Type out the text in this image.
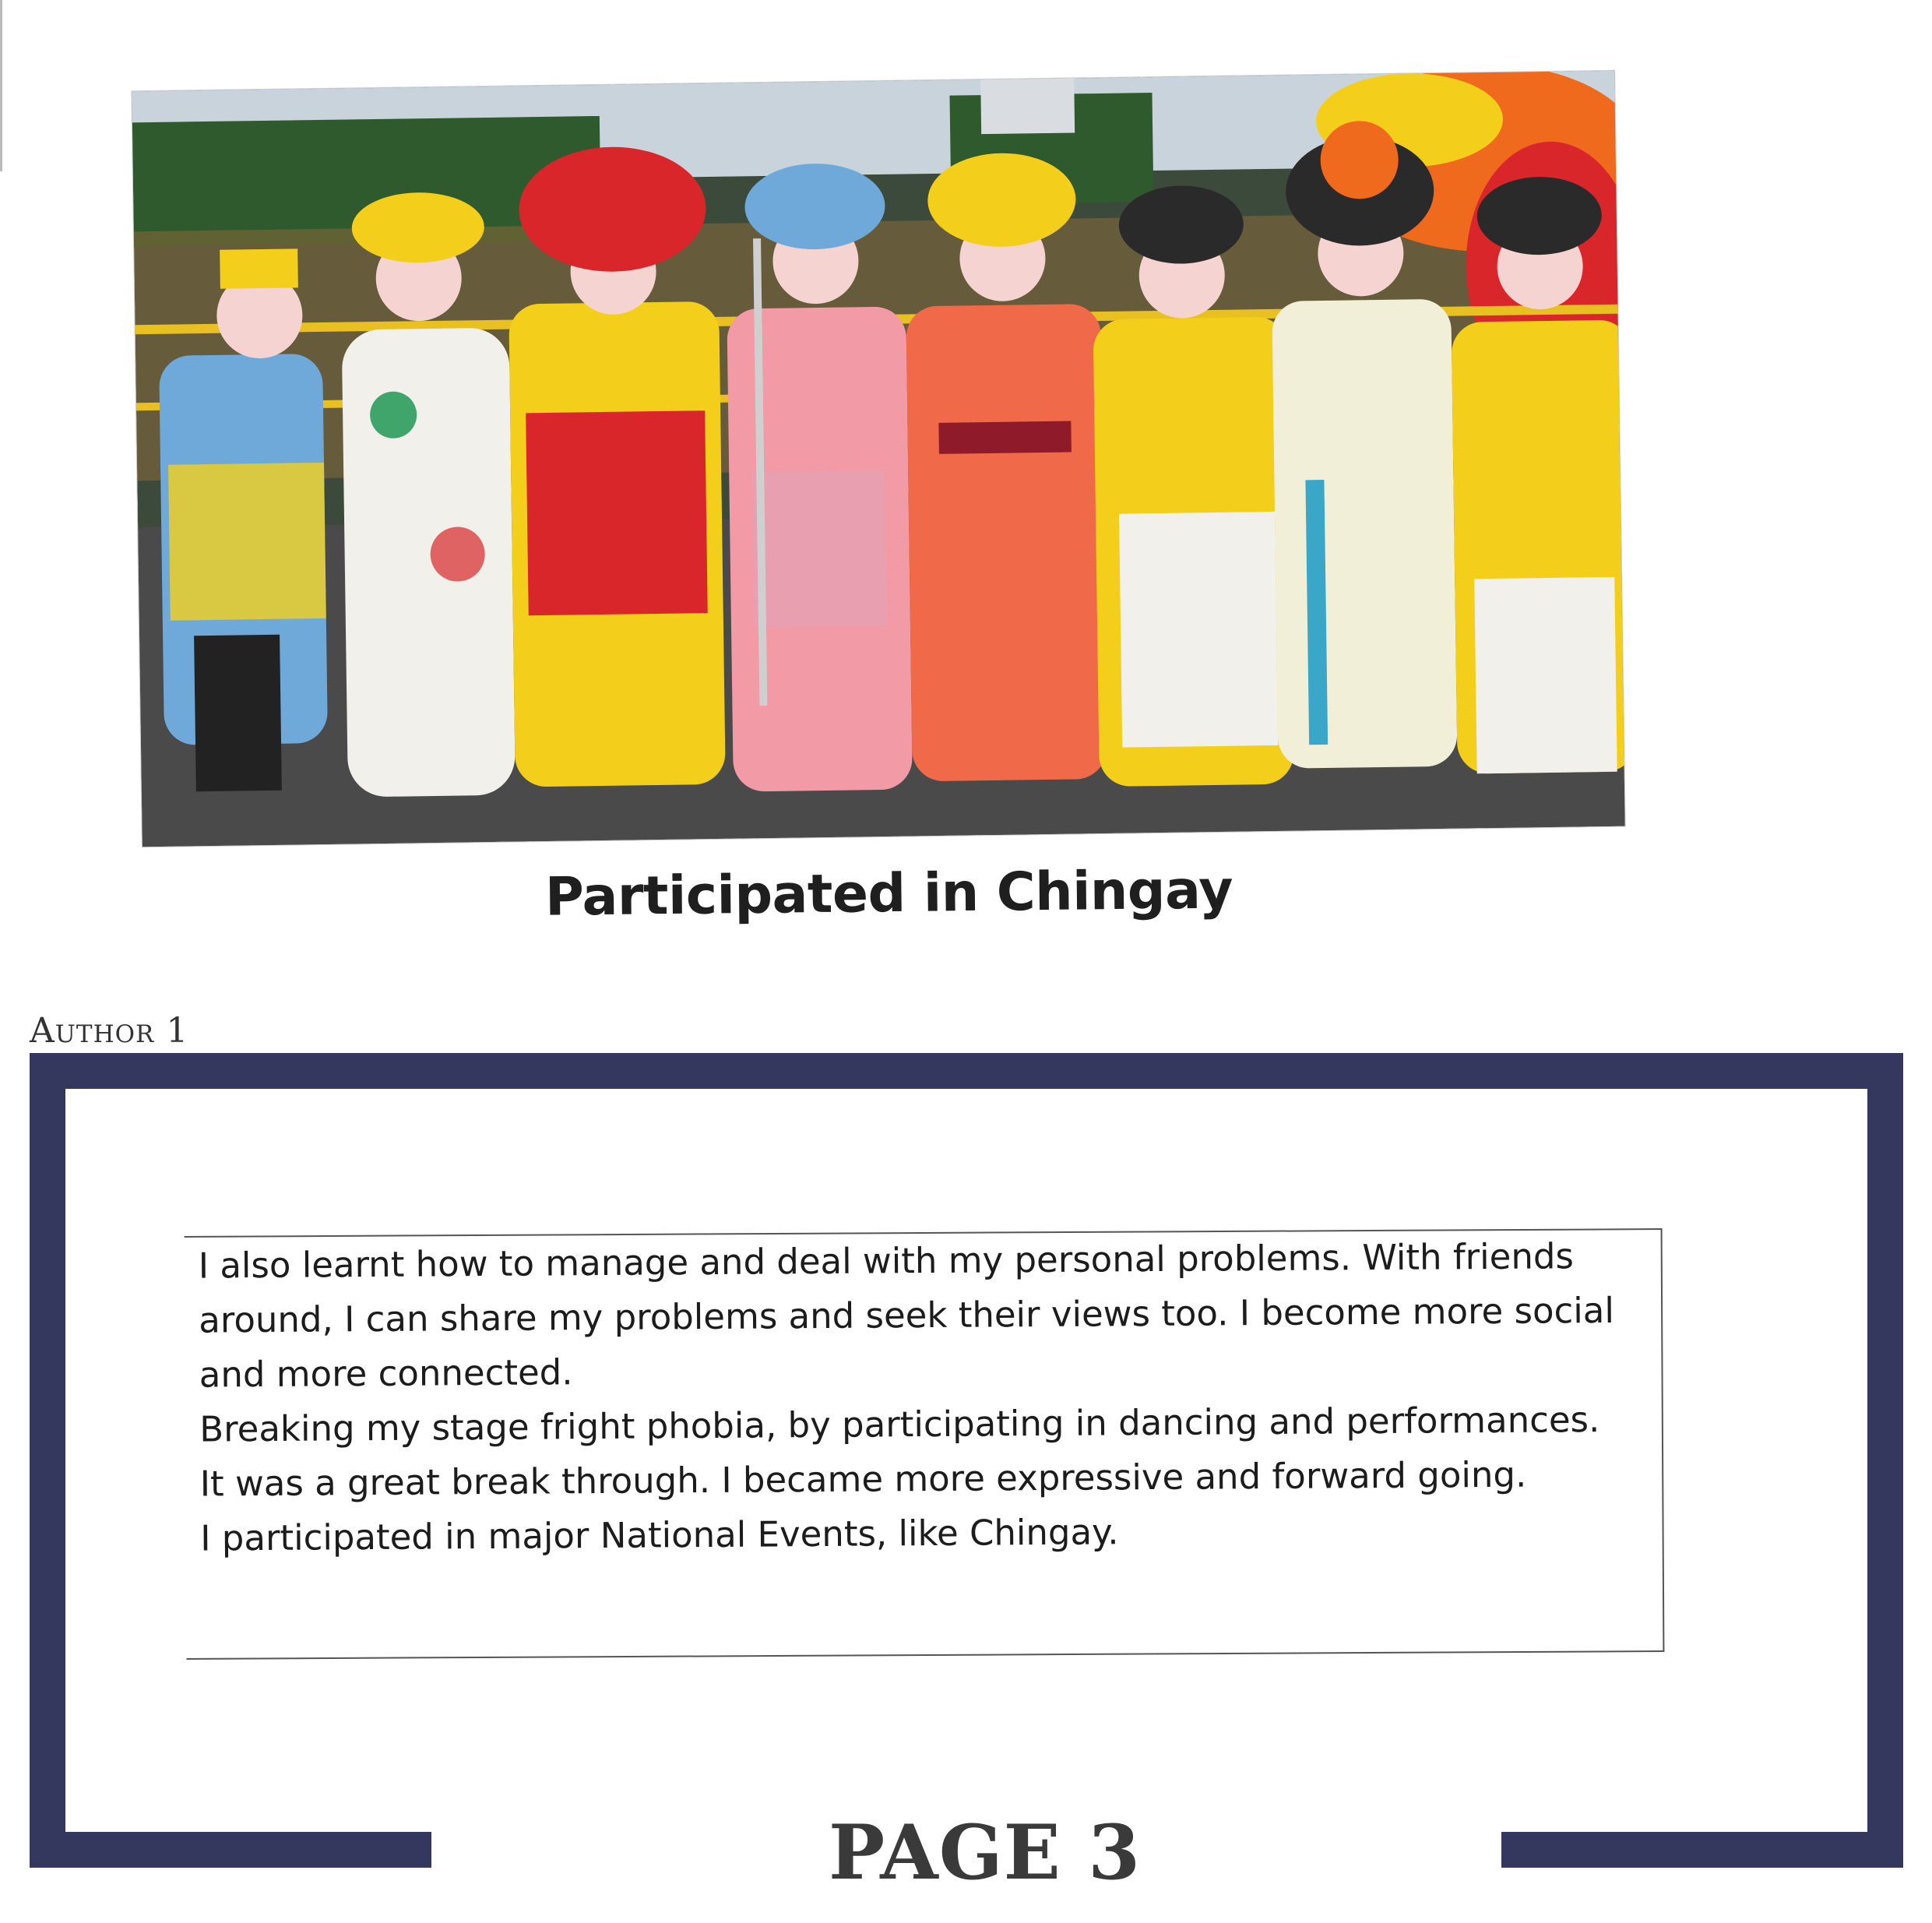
Participated in Chingay
Author 1

I also learnt how to manage and deal with my personal problems. With friends

around, I can share my problems and seek their views too. I become more social

and more connected.

Breaking my stage fright phobia, by participating in dancing and performances.

It was a great break through. I became more expressive and forward going.

I participated in major National Events, like Chingay.

PAGE 3
